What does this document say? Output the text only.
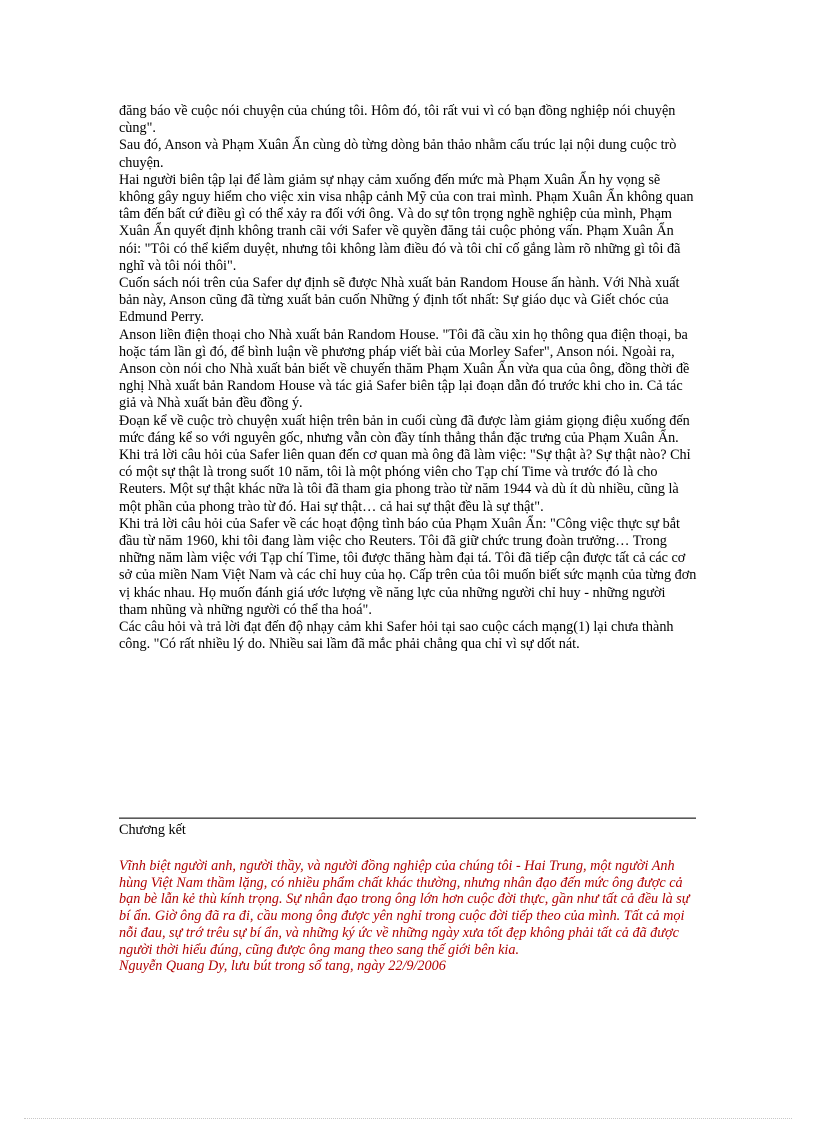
đăng báo về cuộc nói chuyện của chúng tôi. Hôm đó, tôi rất vui vì có bạn đồng nghiệp nói chuyện cùng".

Sau đó, Anson và Phạm Xuân Ẩn cùng dò từng dòng bản thảo nhằm cấu trúc lại nội dung cuộc trò chuyện.

Hai người biên tập lại để làm giảm sự nhạy cảm xuống đến mức mà Phạm Xuân Ẩn hy vọng sẽ không gây nguy hiểm cho việc xin visa nhập cảnh Mỹ của con trai mình. Phạm Xuân Ẩn không quan tâm đến bất cứ điều gì có thể xảy ra đối với ông. Và do sự tôn trọng nghề nghiệp của mình, Phạm Xuân Ẩn quyết định không tranh cãi với Safer về quyền đăng tải cuộc phỏng vấn. Phạm Xuân Ẩn nói: "Tôi có thể kiểm duyệt, nhưng tôi không làm điều đó và tôi chỉ cố gắng làm rõ những gì tôi đã nghĩ và tôi nói thôi".

Cuốn sách nói trên của Safer dự định sẽ được Nhà xuất bản Random House ấn hành. Với Nhà xuất bản này, Anson cũng đã từng xuất bản cuốn Những ý định tốt nhất: Sự giáo dục và Giết chóc của Edmund Perry.

Anson liền điện thoại cho Nhà xuất bản Random House. "Tôi đã cầu xin họ thông qua điện thoại, ba hoặc tám lần gì đó, để bình luận về phương pháp viết bài của Morley Safer", Anson nói. Ngoài ra, Anson còn nói cho Nhà xuất bản biết về chuyến thăm Phạm Xuân Ẩn vừa qua của ông, đồng thời đề nghị Nhà xuất bản Random House và tác giả Safer biên tập lại đoạn dẫn đó trước khi cho in. Cả tác giả và Nhà xuất bản đều đồng ý.

Đoạn kể về cuộc trò chuyện xuất hiện trên bản in cuối cùng đã được làm giảm giọng điệu xuống đến mức đáng kể so với nguyên gốc, nhưng vẫn còn đầy tính thẳng thắn đặc trưng của Phạm Xuân Ẩn. Khi trả lời câu hỏi của Safer liên quan đến cơ quan mà ông đã làm việc: "Sự thật à? Sự thật nào? Chỉ có một sự thật là trong suốt 10 năm, tôi là một phóng viên cho Tạp chí Time và trước đó là cho Reuters. Một sự thật khác nữa là tôi đã tham gia phong trào từ năm 1944 và dù ít dù nhiều, cũng là một phần của phong trào từ đó. Hai sự thật… cả hai sự thật đều là sự thật".

Khi trả lời câu hỏi của Safer về các hoạt động tình báo của Phạm Xuân Ẩn: "Công việc thực sự bắt đầu từ năm 1960, khi tôi đang làm việc cho Reuters. Tôi đã giữ chức trung đoàn trưởng… Trong những năm làm việc với Tạp chí Time, tôi được thăng hàm đại tá. Tôi đã tiếp cận được tất cả các cơ sở của miền Nam Việt Nam và các chỉ huy của họ. Cấp trên của tôi muốn biết sức mạnh của từng đơn vị khác nhau. Họ muốn đánh giá ước lượng về năng lực của những người chỉ huy - những người tham nhũng và những người có thể tha hoá".

Các câu hỏi và trả lời đạt đến độ nhạy cảm khi Safer hỏi tại sao cuộc cách mạng(1) lại chưa thành công. "Có rất nhiều lý do. Nhiều sai lầm đã mắc phải chẳng qua chỉ vì sự dốt nát.

Chương kết

Vĩnh biệt người anh, người thầy, và người đồng nghiệp của chúng tôi - Hai Trung, một người Anh hùng Việt Nam thầm lặng, có nhiều phẩm chất khác thường, nhưng nhân đạo đến mức ông được cả bạn bè lẫn kẻ thù kính trọng. Sự nhân đạo trong ông lớn hơn cuộc đời thực, gần như tất cả đều là sự bí ẩn. Giờ ông đã ra đi, cầu mong ông được yên nghỉ trong cuộc đời tiếp theo của mình. Tất cả mọi nỗi đau, sự trớ trêu sự bí ẩn, và những ký ức về những ngày xưa tốt đẹp không phải tất cả đã được người thời hiểu đúng, cũng được ông mang theo sang thế giới bên kia.

Nguyễn Quang Dy, lưu bút trong sổ tang, ngày 22/9/2006
